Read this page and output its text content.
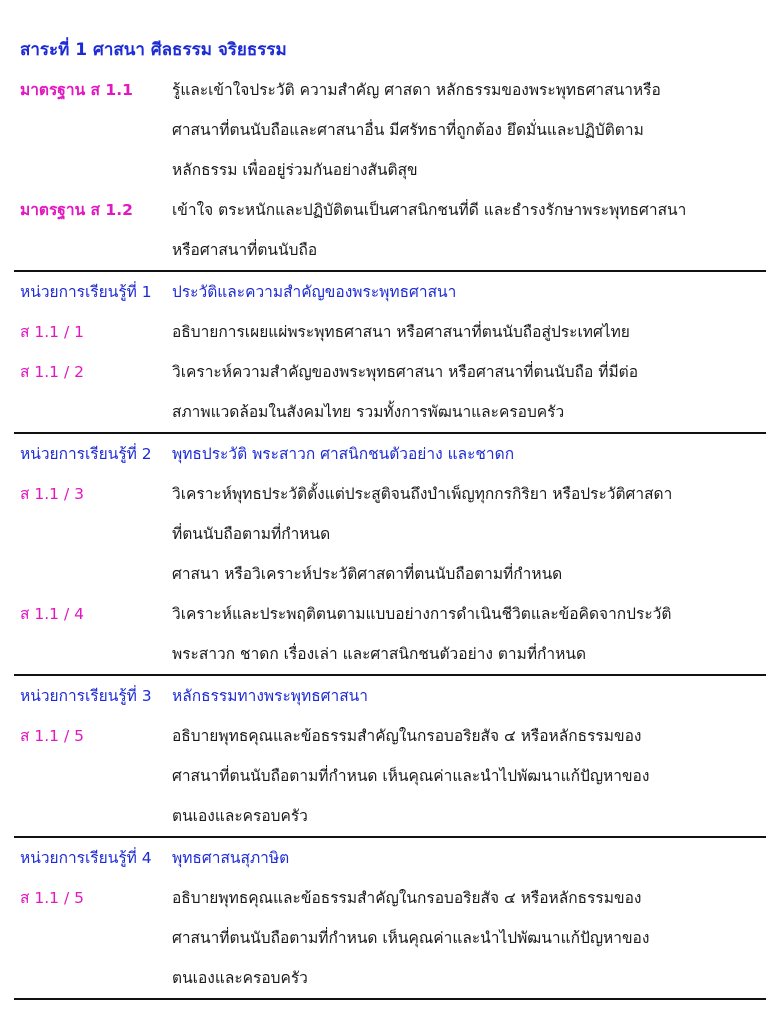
สาระที่ 1 ศาสนา ศีลธรรม จริยธรรม
มาตรฐาน ส 1.1	รู้และเข้าใจประวัติ ความสำคัญ ศาสดา หลักธรรมของพระพุทธศาสนาหรือ
ศาสนาที่ตนนับถือและศาสนาอื่น มีศรัทธาที่ถูกต้อง ยึดมั่นและปฏิบัติตาม
หลักธรรม เพื่ออยู่ร่วมกันอย่างสันติสุข
มาตรฐาน ส 1.2	เข้าใจ ตระหนักและปฏิบัติตนเป็นศาสนิกชนที่ดี และธำรงรักษาพระพุทธศาสนา
หรือศาสนาที่ตนนับถือ
หน่วยการเรียนรู้ที่ 1	ประวัติและความสำคัญของพระพุทธศาสนา
ส 1.1 / 1	อธิบายการเผยแผ่พระพุทธศาสนา หรือศาสนาที่ตนนับถือสู่ประเทศไทย
ส 1.1 / 2	วิเคราะห์ความสำคัญของพระพุทธศาสนา หรือศาสนาที่ตนนับถือ ที่มีต่อ
สภาพแวดล้อมในสังคมไทย รวมทั้งการพัฒนาและครอบครัว
หน่วยการเรียนรู้ที่ 2	พุทธประวัติ พระสาวก ศาสนิกชนตัวอย่าง และชาดก
ส 1.1 / 3	วิเคราะห์พุทธประวัติตั้งแต่ประสูติจนถึงบำเพ็ญทุกกรกิริยา หรือประวัติศาสดา
ที่ตนนับถือตามที่กำหนด
ศาสนา หรือวิเคราะห์ประวัติศาสดาที่ตนนับถือตามที่กำหนด
ส 1.1 / 4	วิเคราะห์และประพฤติตนตามแบบอย่างการดำเนินชีวิตและข้อคิดจากประวัติ
พระสาวก ชาดก เรื่องเล่า และศาสนิกชนตัวอย่าง ตามที่กำหนด
หน่วยการเรียนรู้ที่ 3	หลักธรรมทางพระพุทธศาสนา
ส 1.1 / 5	อธิบายพุทธคุณและข้อธรรมสำคัญในกรอบอริยสัจ ๔ หรือหลักธรรมของ
ศาสนาที่ตนนับถือตามที่กำหนด เห็นคุณค่าและนำไปพัฒนาแก้ปัญหาของ
ตนเองและครอบครัว
หน่วยการเรียนรู้ที่ 4	พุทธศาสนสุภาษิต
ส 1.1 / 5	อธิบายพุทธคุณและข้อธรรมสำคัญในกรอบอริยสัจ ๔ หรือหลักธรรมของ
ศาสนาที่ตนนับถือตามที่กำหนด เห็นคุณค่าและนำไปพัฒนาแก้ปัญหาของ
ตนเองและครอบครัว
